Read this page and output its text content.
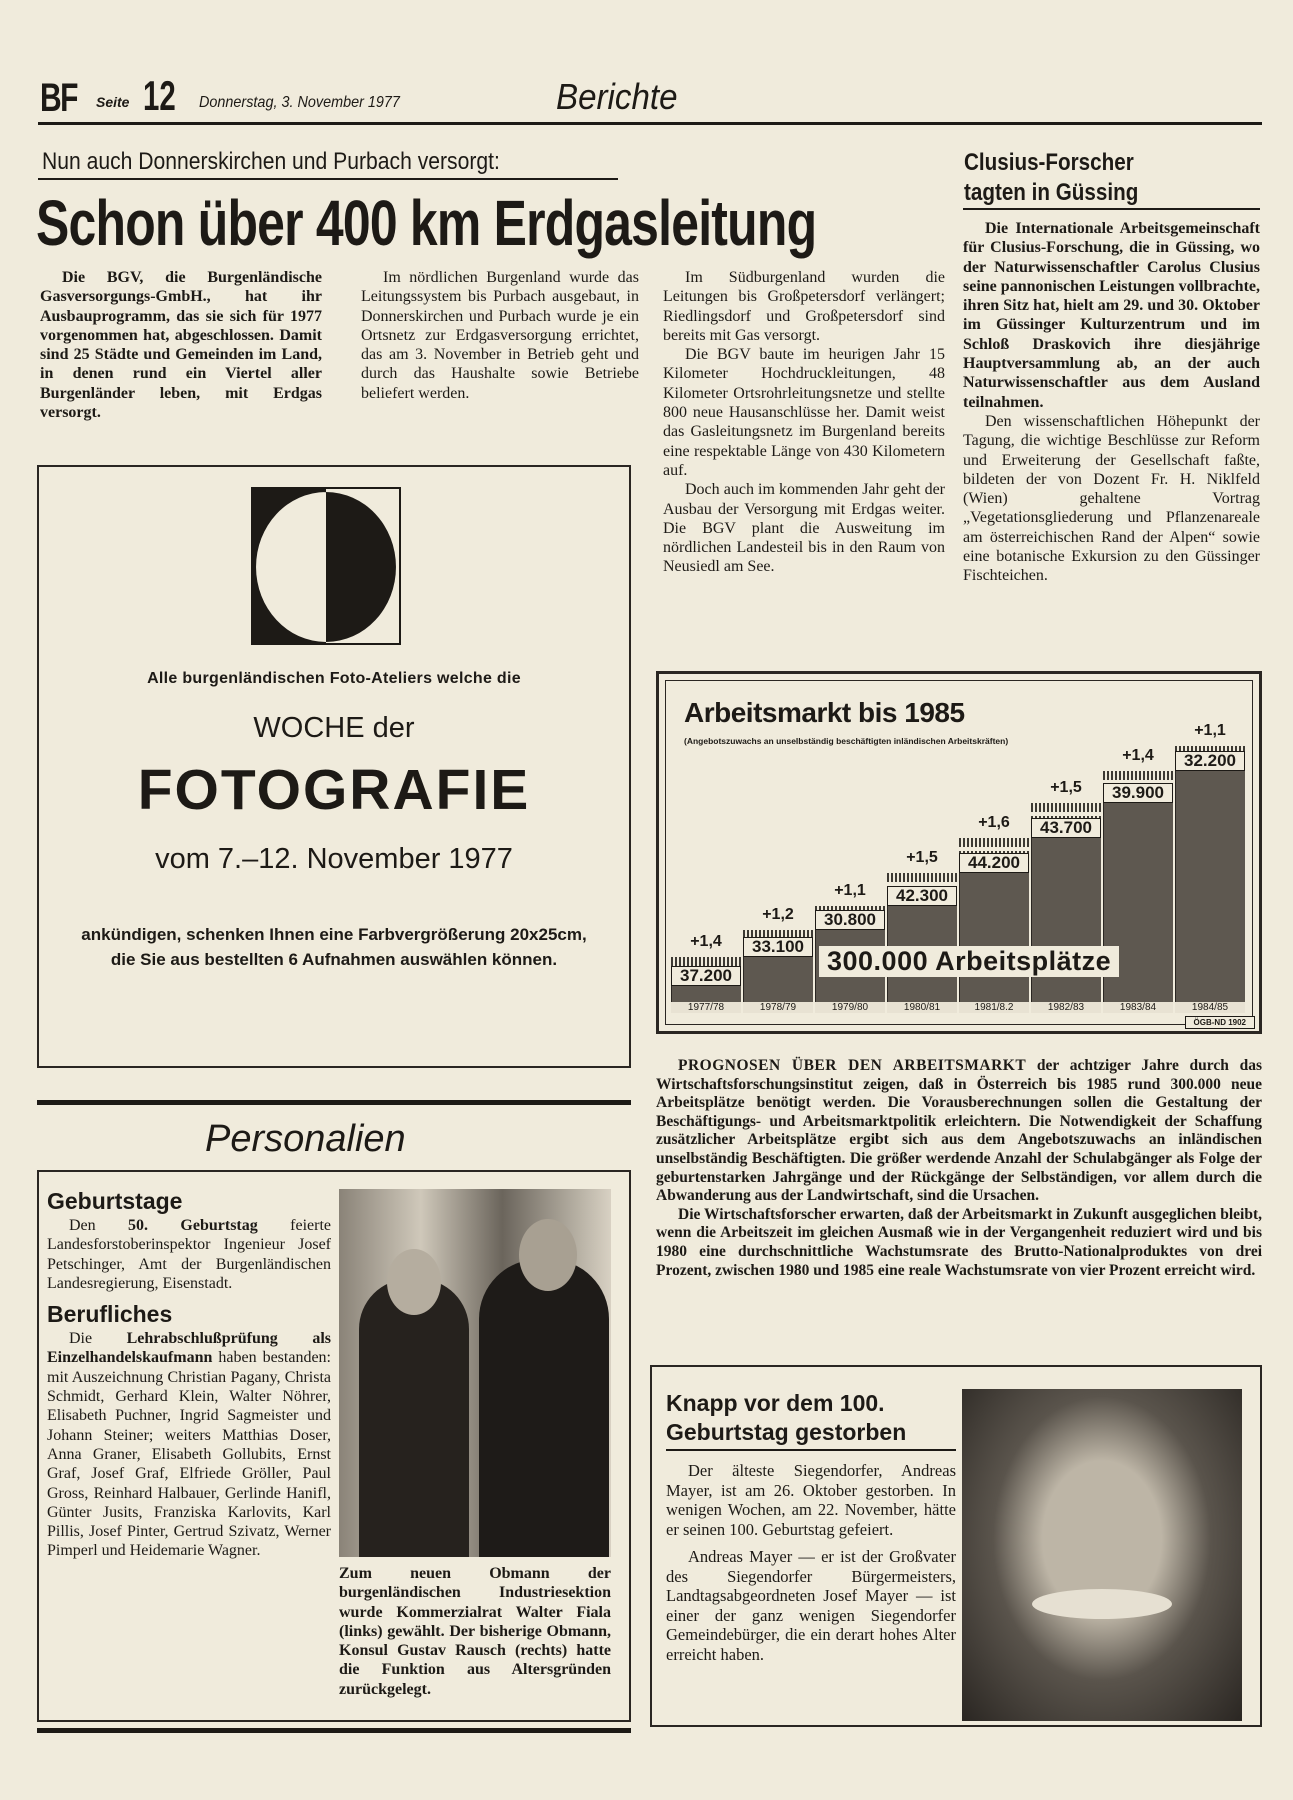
BF Seite 12 Donnerstag, 3. November 1977	Berichte
Nun auch Donnerskirchen und Purbach versorgt:
Schon über 400 km Erdgasleitung

Die BGV, die Burgenländische Gasversorgungs-GmbH., hat ihr Ausbauprogramm, das sie sich für 1977 vorgenommen hat, abgeschlossen. Damit sind 25 Städte und Gemeinden im Land, in denen rund ein Viertel aller Burgenländer leben, mit Erdgas versorgt.

Im nördlichen Burgenland wurde das Leitungssystem bis Purbach ausgebaut, in Donnerskirchen und Purbach wurde je ein Ortsnetz zur Erdgasversorgung errichtet, das am 3. November in Betrieb geht und durch das Haushalte sowie Betriebe beliefert werden.

Im Südburgenland wurden die Leitungen bis Großpetersdorf verlängert; Riedlingsdorf und Großpetersdorf sind bereits mit Gas versorgt.

Die BGV baute im heurigen Jahr 15 Kilometer Hochdruckleitungen, 48 Kilometer Ortsrohrleitungsnetze und stellte 800 neue Hausanschlüsse her. Damit weist das Gasleitungsnetz im Burgenland bereits eine respektable Länge von 430 Kilometern auf.

Doch auch im kommenden Jahr geht der Ausbau der Versorgung mit Erdgas weiter. Die BGV plant die Ausweitung im nördlichen Landesteil bis in den Raum von Neusiedl am See.

Clusius-Forscher
tagten in Güssing

Die Internationale Arbeitsgemeinschaft für Clusius-Forschung, die in Güssing, wo der Naturwissenschaftler Carolus Clusius seine pannonischen Leistungen vollbrachte, ihren Sitz hat, hielt am 29. und 30. Oktober im Güssinger Kulturzentrum und im Schloß Draskovich ihre diesjährige Hauptversammlung ab, an der auch Naturwissenschaftler aus dem Ausland teilnahmen.

Den wissenschaftlichen Höhepunkt der Tagung, die wichtige Beschlüsse zur Reform und Erweiterung der Gesellschaft faßte, bildeten der von Dozent Fr. H. Niklfeld (Wien) gehaltene Vortrag „Vegetationsgliederung und Pflanzenareale am österreichischen Rand der Alpen“ sowie eine botanische Exkursion zu den Güssinger Fischteichen.

Alle burgenländischen Foto-Ateliers welche die
WOCHE der
FOTOGRAFIE
vom 7.–12. November 1977
ankündigen, schenken Ihnen eine Farbvergrößerung 20x25cm,
die Sie aus bestellten 6 Aufnahmen auswählen können.
Arbeitsmarkt bis 1985
(Angebotszuwachs an unselbständig beschäftigten inländischen Arbeitskräften)
37.200
+1,4
1977/78
33.100
+1,2
1978/79
30.800
+1,1
1979/80
42.300
+1,5
1980/81
44.200
+1,6
1981/8.2
43.700
+1,5
1982/83
39.900
+1,4
1983/84
32.200
+1,1
1984/85
300.000 Arbeitsplätze
ÖGB-ND 1902

PROGNOSEN ÜBER DEN ARBEITSMARKT der achtziger Jahre durch das Wirtschaftsforschungsinstitut zeigen, daß in Österreich bis 1985 rund 300.000 neue Arbeitsplätze benötigt werden. Die Vorausberechnungen sollen die Gestaltung der Beschäftigungs- und Arbeitsmarktpolitik erleichtern. Die Notwendigkeit der Schaffung zusätzlicher Arbeitsplätze ergibt sich aus dem Angebotszuwachs an inländischen unselbständig Beschäftigten. Die größer werdende Anzahl der Schulabgänger als Folge der geburtenstarken Jahrgänge und der Rückgänge der Selbständigen, vor allem durch die Abwanderung aus der Landwirtschaft, sind die Ursachen.

Die Wirtschaftsforscher erwarten, daß der Arbeitsmarkt in Zukunft ausgeglichen bleibt, wenn die Arbeitszeit im gleichen Ausmaß wie in der Vergangenheit reduziert wird und bis 1980 eine durchschnittliche Wachstumsrate des Brutto-Nationalproduktes von drei Prozent, zwischen 1980 und 1985 eine reale Wachstumsrate von vier Prozent erreicht wird.

Personalien
Geburtstage

Den 50. Geburtstag feierte Landesforstoberinspektor Ingenieur Josef Petschinger, Amt der Burgenländischen Landesregierung, Eisenstadt.

Berufliches

Die Lehrabschlußprüfung als Einzelhandelskaufmann haben bestanden: mit Auszeichnung Christian Pagany, Christa Schmidt, Gerhard Klein, Walter Nöhrer, Elisabeth Puchner, Ingrid Sagmeister und Johann Steiner; weiters Matthias Doser, Anna Graner, Elisabeth Gollubits, Ernst Graf, Josef Graf, Elfriede Gröller, Paul Gross, Reinhard Halbauer, Gerlinde Hanifl, Günter Jusits, Franziska Karlovits, Karl Pillis, Josef Pinter, Gertrud Szivatz, Werner Pimperl und Heidemarie Wagner.

Zum neuen Obmann der burgenländischen Industriesektion wurde Kommerzialrat Walter Fiala (links) gewählt. Der bisherige Obmann, Konsul Gustav Rausch (rechts) hatte die Funktion aus Altersgründen zurückgelegt.
Knapp vor dem 100.
Geburtstag gestorben

Der älteste Siegendorfer, Andreas Mayer, ist am 26. Oktober gestorben. In wenigen Wochen, am 22. November, hätte er seinen 100. Geburtstag gefeiert.

Andreas Mayer — er ist der Großvater des Siegendorfer Bürgermeisters, Landtagsabgeordneten Josef Mayer — ist einer der ganz wenigen Siegendorfer Gemeindebürger, die ein derart hohes Alter erreicht haben.
